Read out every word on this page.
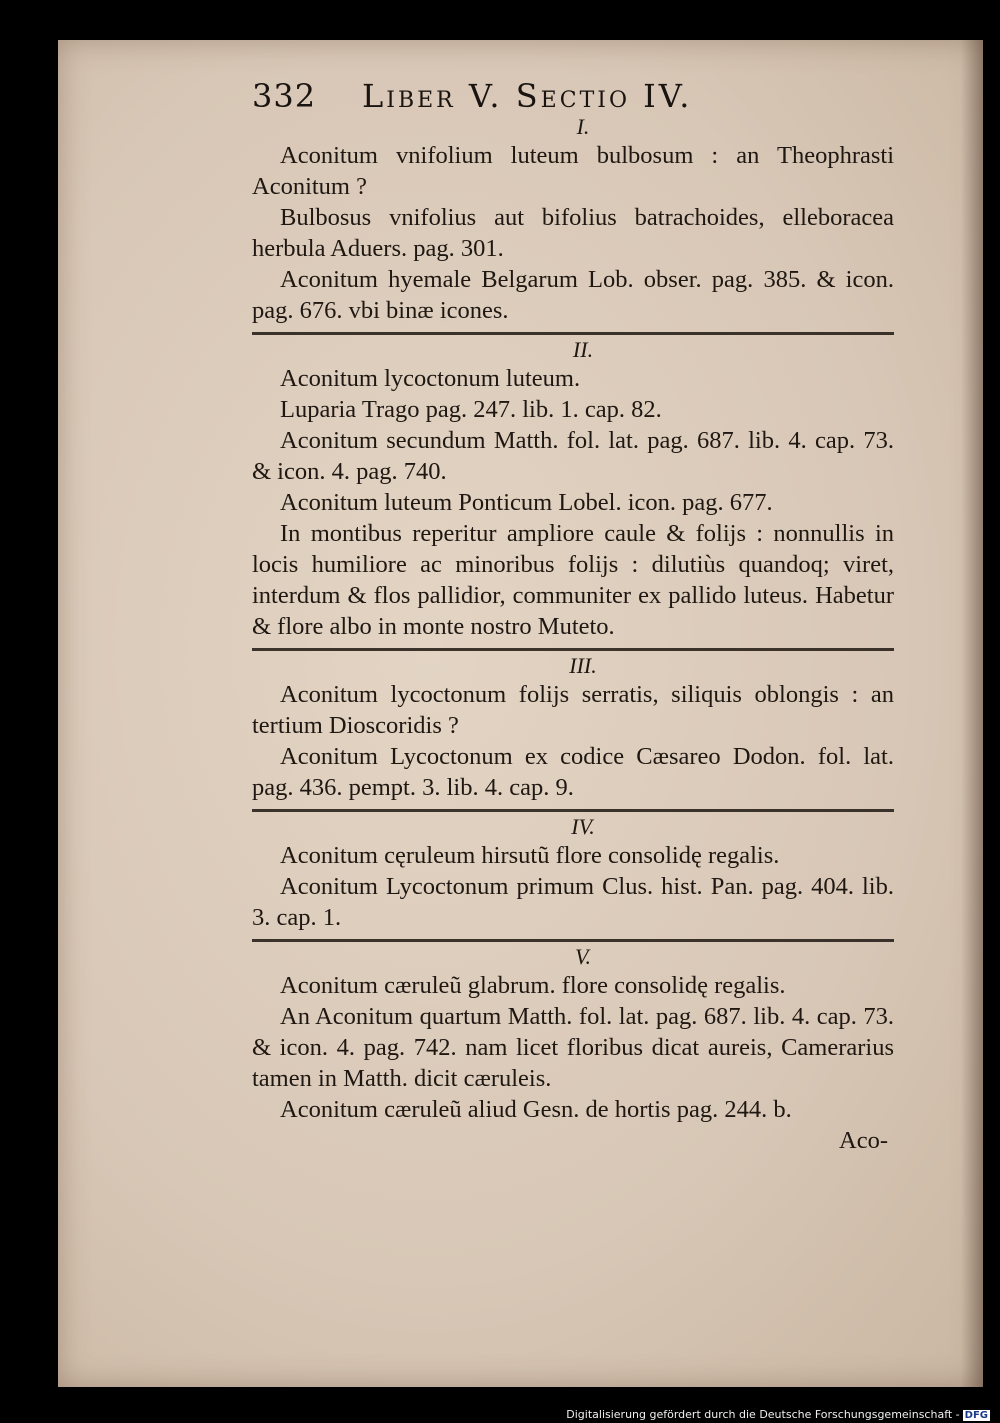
332	Liber V. Sectio IV.
I.
Aconitum vnifolium luteum bulbosum : an Theophrasti Aconitum ?
Bulbosus vnifolius aut bifolius batrachoides, elleboracea herbula Aduers. pag. 301.
Aconitum hyemale Belgarum Lob. obser. pag. 385. & icon. pag. 676. vbi binæ icones.
II.
Aconitum lycoctonum luteum.
Luparia Trago pag. 247. lib. 1. cap. 82.
Aconitum secundum Matth. fol. lat. pag. 687. lib. 4. cap. 73. & icon. 4. pag. 740.
Aconitum luteum Ponticum Lobel. icon. pag. 677.
In montibus reperitur ampliore caule & folijs : nonnullis in locis humiliore ac minoribus folijs : dilutiùs quandoq; viret, interdum & flos pallidior, communiter ex pallido luteus. Habetur & flore albo in monte nostro Muteto.
III.
Aconitum lycoctonum folijs serratis, siliquis oblongis : an tertium Dioscoridis ?
Aconitum Lycoctonum ex codice Cæsareo Dodon. fol. lat. pag. 436. pempt. 3. lib. 4. cap. 9.
IV.
Aconitum cęruleum hirsutũ flore consolidę regalis.
Aconitum Lycoctonum primum Clus. hist. Pan. pag. 404. lib. 3. cap. 1.
V.
Aconitum cæruleũ glabrum. flore consolidę regalis.
An Aconitum quartum Matth. fol. lat. pag. 687. lib. 4. cap. 73. & icon. 4. pag. 742. nam licet floribus dicat aureis, Camerarius tamen in Matth. dicit cæruleis.
Aconitum cæruleũ aliud Gesn. de hortis pag. 244. b.
Aco-
Digitalisierung gefördert durch die Deutsche Forschungsgemeinschaft - DFG
